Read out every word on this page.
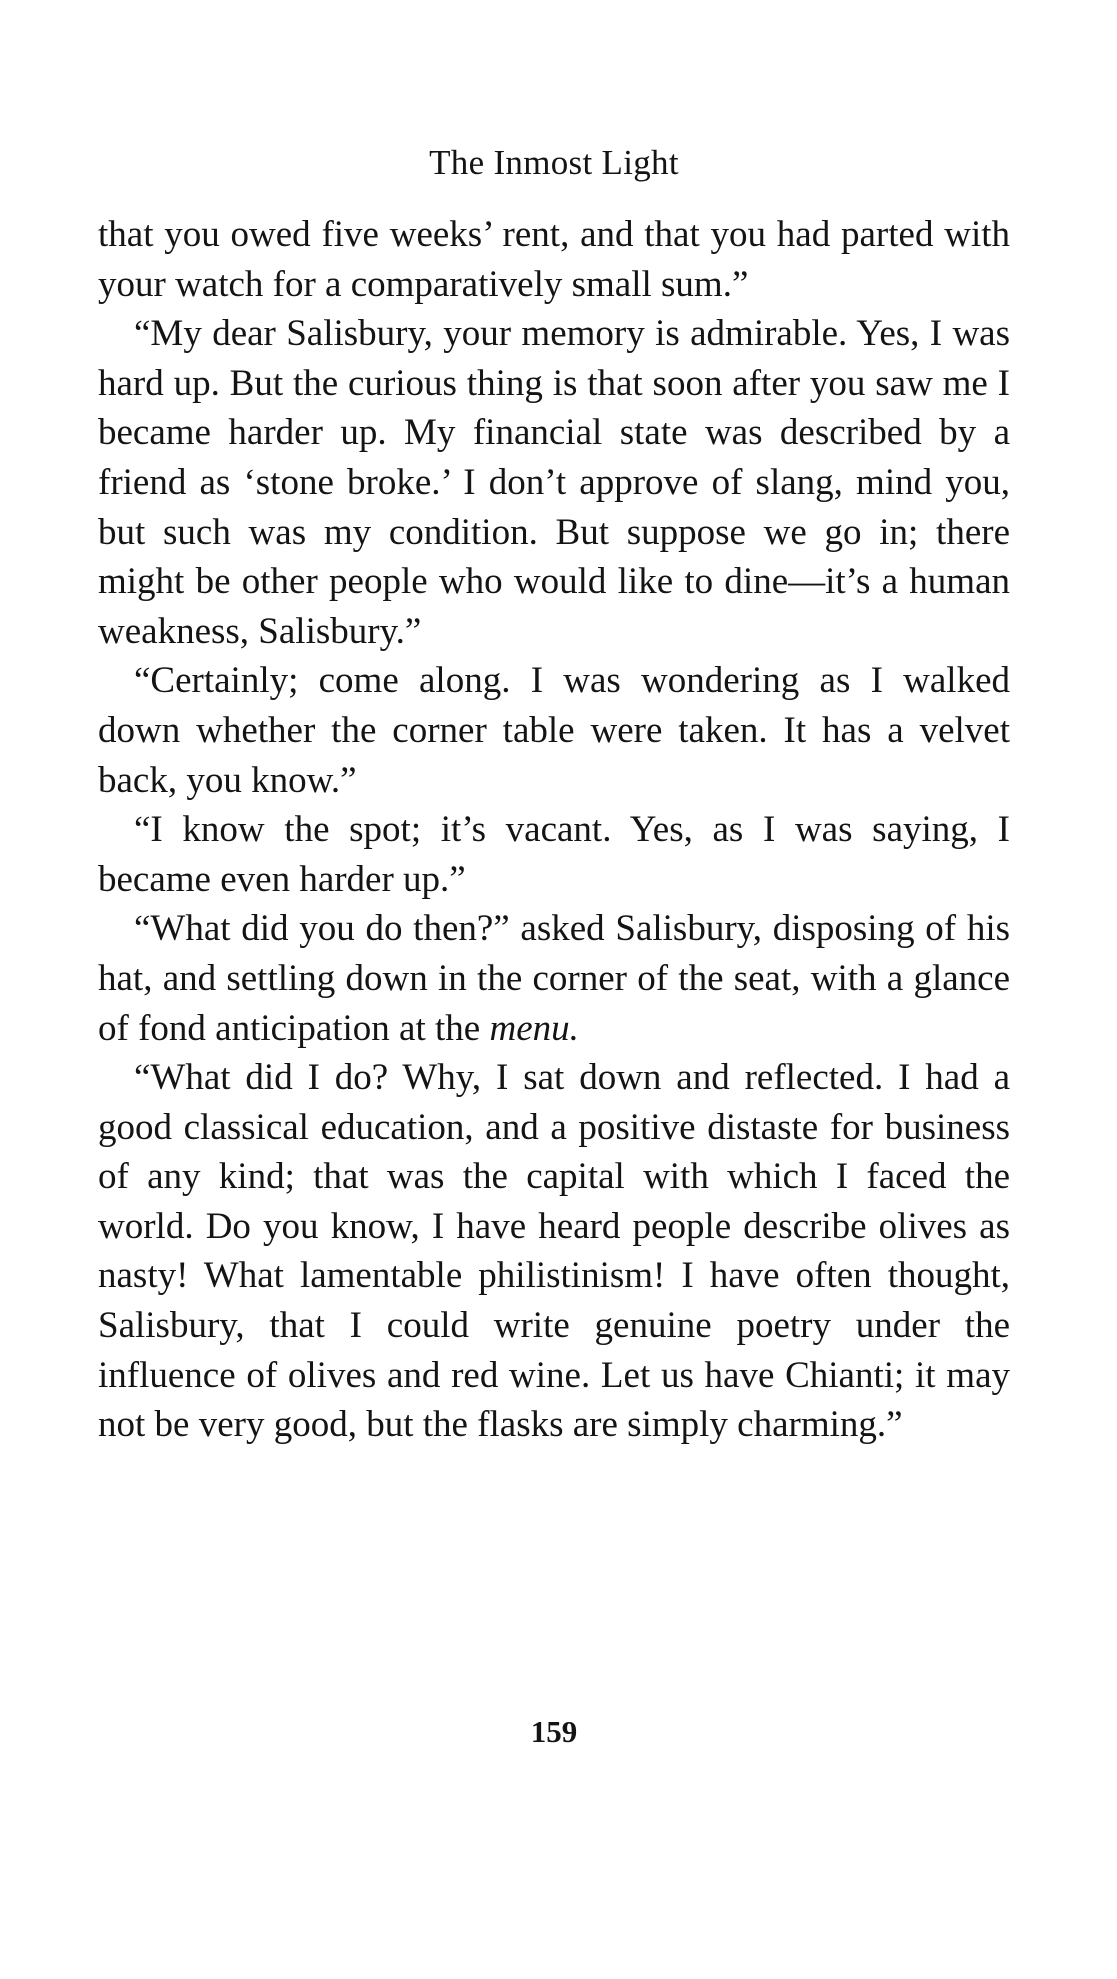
The Inmost Light

that you owed five weeks’ rent, and that you had parted with your watch for a comparatively small sum.”

“My dear Salisbury, your memory is admirable. Yes, I was hard up. But the curious thing is that soon after you saw me I became harder up. My financial state was described by a friend as ‘stone broke.’ I don’t approve of slang, mind you, but such was my condition. But suppose we go in; there might be other people who would like to dine—it’s a human weakness, Salisbury.”

“Certainly; come along. I was wondering as I walked down whether the corner table were taken. It has a velvet back, you know.”

“I know the spot; it’s vacant. Yes, as I was saying, I became even harder up.”

“What did you do then?” asked Salisbury, disposing of his hat, and settling down in the corner of the seat, with a glance of fond anticipation at the menu.

“What did I do? Why, I sat down and reflected. I had a good classical education, and a positive distaste for business of any kind; that was the capital with which I faced the world. Do you know, I have heard people describe olives as nasty! What lamentable philistinism! I have often thought, Salisbury, that I could write genuine poetry under the influence of olives and red wine. Let us have Chianti; it may not be very good, but the flasks are simply charming.”

159
